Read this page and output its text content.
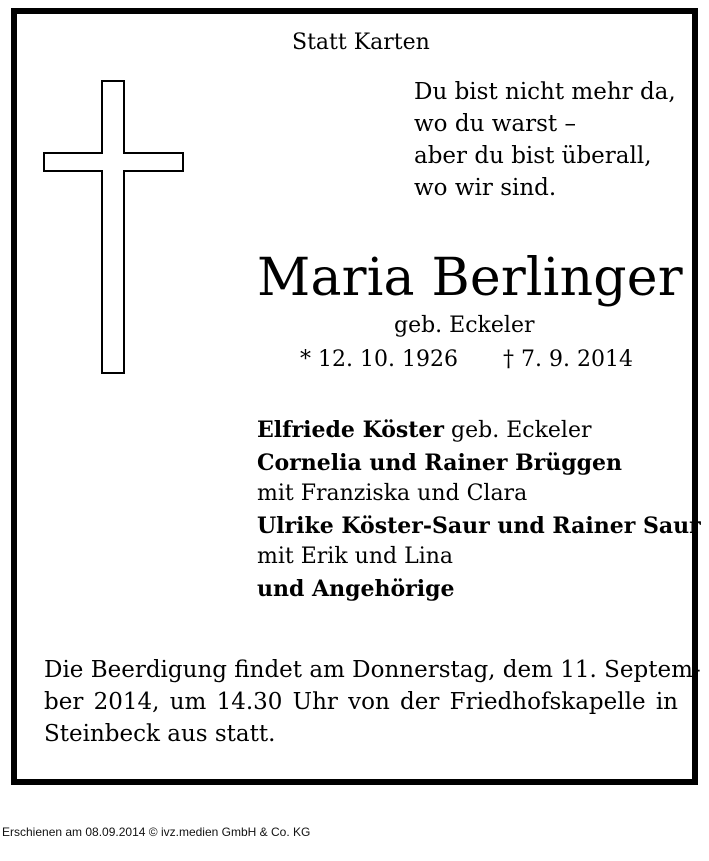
Statt Karten
Du bist nicht mehr da,
wo du warst –
aber du bist überall,
wo wir sind.
Maria Berlinger
geb. Eckeler
* 12. 10. 1926 † 7. 9. 2014
Elfriede Köster geb. Eckeler
Cornelia und Rainer Brüggen
mit Franziska und Clara
Ulrike Köster-Saur und Rainer Saur
mit Erik und Lina
und Angehörige
Die Beerdigung findet am Donnerstag, dem 11. Septem-
ber 2014, um 14.30 Uhr von der Friedhofskapelle in
Steinbeck aus statt.
Erschienen am 08.09.2014 © ivz.medien GmbH & Co. KG
